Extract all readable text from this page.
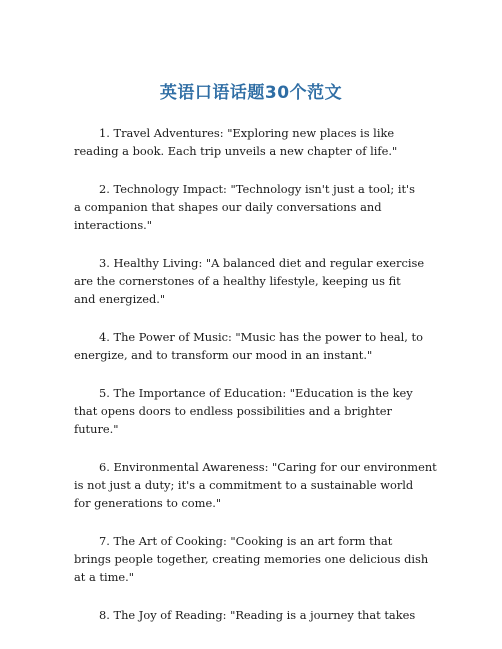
英语口语话题30个范文

1. Travel Adventures: "Exploring new places is like
reading a book. Each trip unveils a new chapter of life."

2. Technology Impact: "Technology isn't just a tool; it's
a companion that shapes our daily conversations and
interactions."

3. Healthy Living: "A balanced diet and regular exercise
are the cornerstones of a healthy lifestyle, keeping us fit
and energized."

4. The Power of Music: "Music has the power to heal, to
energize, and to transform our mood in an instant."

5. The Importance of Education: "Education is the key
that opens doors to endless possibilities and a brighter
future."

6. Environmental Awareness: "Caring for our environment
is not just a duty; it's a commitment to a sustainable world
for generations to come."

7. The Art of Cooking: "Cooking is an art form that
brings people together, creating memories one delicious dish
at a time."

8. The Joy of Reading: "Reading is a journey that takes
